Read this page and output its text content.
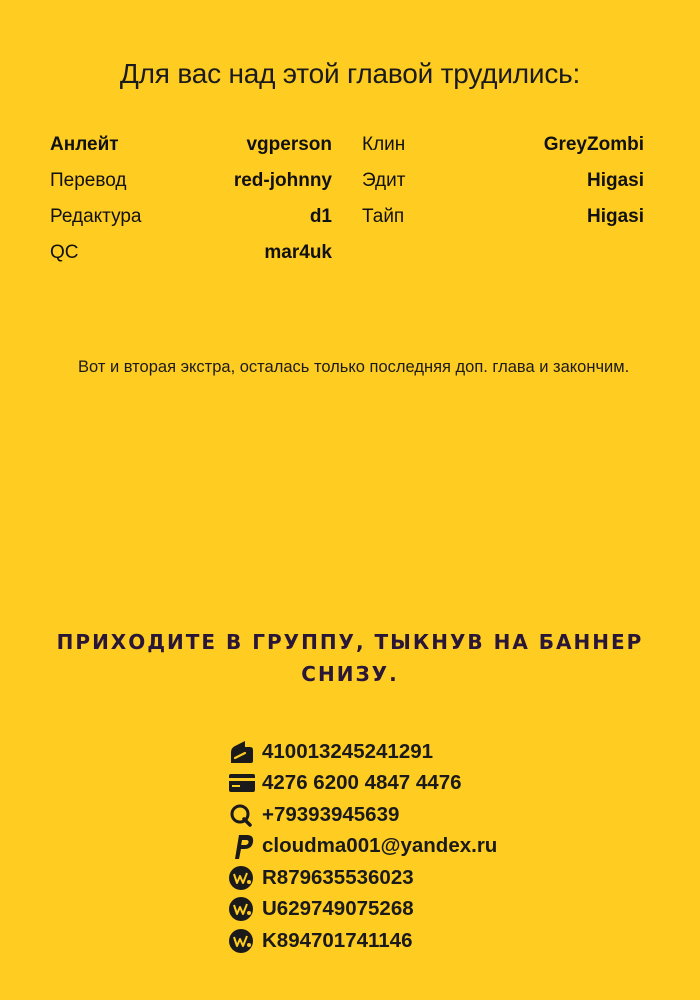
Для вас над этой главой трудились:
Анлейт	vgperson
Перевод	red-johnny
Редактура	d1
QC	mar4uk
Клин	GreyZombi
Эдит	Higasi
Тайп	Higasi

Вот и вторая экстра, осталась только последняя доп. глава и закончим.

ПРИХОДИТЕ В ГРУППУ, ТЫКНУВ НА БАННЕР СНИЗУ.
410013245241291
4276 6200 4847 4476
+79393945639
cloudma001@yandex.ru
R879635536023
U629749075268
K894701741146
